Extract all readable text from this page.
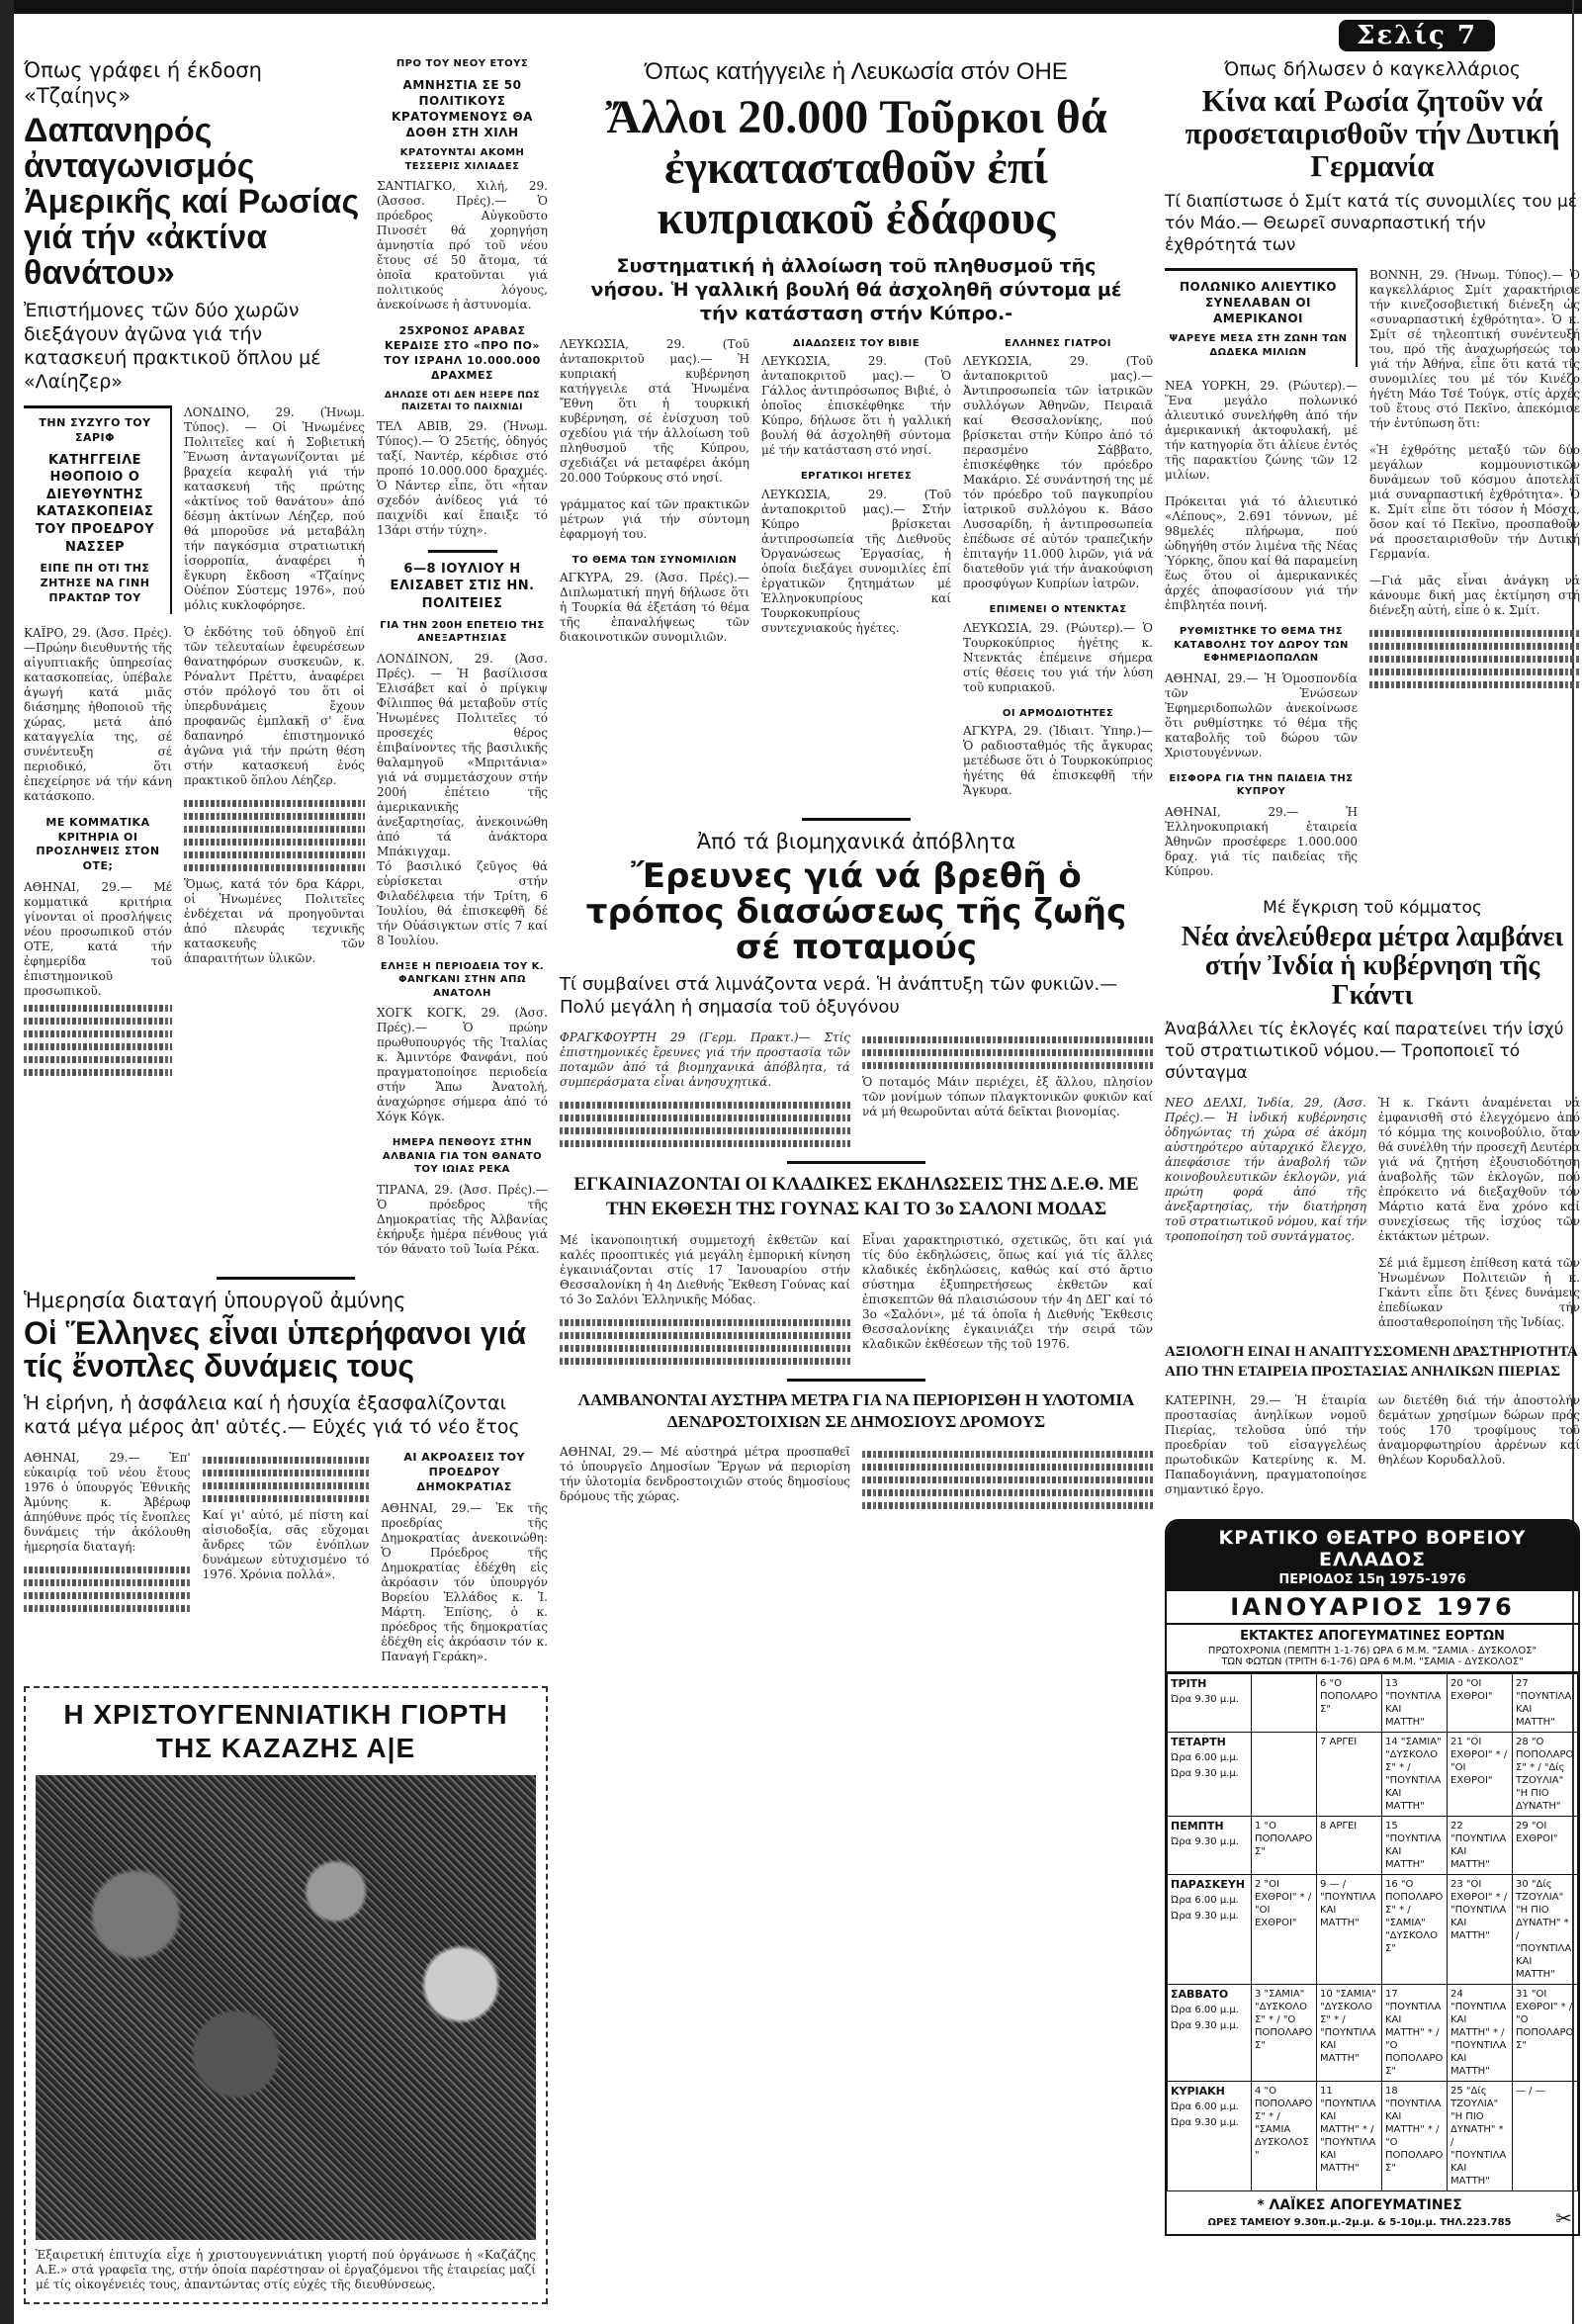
Σελίς 7
Όπως γράφει ή έκδοση «Τζαίηνς»
Δαπανηρός ἀνταγωνισμός Ἀμερικῆς καί Ρωσίας γιά τήν «ἀκτίνα θανάτου»
Ἐπιστήμονες τῶν δύο χωρῶν διεξάγουν ἀγῶνα γιά τήν κατασκευή πρακτικοῦ ὅπλου μέ «Λαίηζερ»
ΤΗΝ ΣΥΖΥΓΟ ΤΟΥ ΣΑΡΙΦ
ΚΑΤΗΓΓΕΙΛΕ ΗΘΟΠΟΙΟ Ο ΔΙΕΥΘΥΝΤΗΣ ΚΑΤΑΣΚΟΠΕΙΑΣ ΤΟΥ ΠΡΟΕΔΡΟΥ ΝΑΣΣΕΡ
ΕΙΠΕ ΠΗ ΟΤΙ ΤΗΣ ΖΗΤΗΣΕ ΝΑ ΓΙΝΗ ΠΡΑΚΤΩΡ ΤΟΥ
ΚΑΪΡΟ, 29. (Ἀσσ. Πρές). —Πρώην διευθυντής τῆς αἰγυπτιακῆς ὑπηρεσίας κατασκοπείας, ὑπέβαλε ἀγωγή κατά μιᾶς διάσημης ἠθοποιοῦ τῆς χώρας, μετά ἀπό καταγγελία της, σέ συνέντευξη σέ περιοδικό, ὅτι ἐπεχείρησε νά τήν κάνη κατάσκοπο.
ΜΕ ΚΟΜΜΑΤΙΚΑ ΚΡΙΤΗΡΙΑ ΟΙ ΠΡΟΣΛΗΨΕΙΣ ΣΤΟΝ ΟΤΕ;
ΑΘΗΝΑΙ, 29.— Μέ κομματικά κριτήρια γίνονται οἱ προσλήψεις νέου προσωπικοῦ στόν ΟΤΕ, κατά τήν ἐφημερίδα τοῦ ἐπιστημονικοῦ προσωπικοῦ.
ΛΟΝΔΙΝΟ, 29. (Ἡνωμ. Τύπος). — Οἱ Ἡνωμένες Πολιτεῖες καί ἡ Σοβιετική Ἕνωση ἀνταγωνίζονται μέ βραχεία κεφαλή γιά τήν κατασκευή τῆς πρώτης «ἀκτίνος τοῦ θανάτου» ἀπό δέσμη ἀκτίνων Λέηζερ, πού θά μποροῦσε νά μεταβάλη τήν παγκόσμια στρατιωτική ἰσορροπία, ἀναφέρει ἡ ἔγκυρη ἔκδοση «Τζαίηνς Οὐέπον Σύστεμς 1976», πού μόλις κυκλοφόρησε.
Ὁ ἐκδότης τοῦ ὁδηγοῦ ἐπί τῶν τελευταίων ἐφευρέσεων θανατηφόρων συσκευῶν, κ. Ρόναλντ Πρέττυ, ἀναφέρει στόν πρόλογό του ὅτι οἱ ὑπερδυνάμεις ἔχουν προφανῶς ἐμπλακῆ σ' ἕνα δαπανηρό ἐπιστημονικό ἀγῶνα γιά τήν πρώτη θέση στήν κατασκευή ἑνός πρακτικοῦ ὅπλου Λέηζερ.
Ὅμως, κατά τόν δρα Κάρρι, οἱ Ἡνωμένες Πολιτεῖες ἐνδέχεται νά προηγοῦνται ἀπό πλευράς τεχνικῆς κατασκευῆς τῶν ἀπαραιτήτων ὑλικῶν.
ΠΡΟ ΤΟΥ ΝΕΟΥ ΕΤΟΥΣ
ΑΜΝΗΣΤΙΑ ΣΕ 50 ΠΟΛΙΤΙΚΟΥΣ ΚΡΑΤΟΥΜΕΝΟΥΣ ΘΑ ΔΟΘΗ ΣΤΗ ΧΙΛΗ
ΚΡΑΤΟΥΝΤΑΙ ΑΚΟΜΗ ΤΕΣΣΕΡΙΣ ΧΙΛΙΑΔΕΣ
ΣΑΝΤΙΑΓΚΟ, Χιλή, 29. (Ἀσσοσ. Πρές).— Ὁ πρόεδρος Αὐγκοῦστο Πινοσέτ θά χορηγήση ἀμνηστία πρό τοῦ νέου ἔτους σέ 50 ἄτομα, τά ὁποῖα κρατοῦνται γιά πολιτικούς λόγους, ἀνεκοίνωσε ἡ ἀστυνομία.
25ΧΡΟΝΟΣ ΑΡΑΒΑΣ ΚΕΡΔΙΣΕ ΣΤΟ «ΠΡΟ ΠΟ» ΤΟΥ ΙΣΡΑΗΛ 10.000.000 ΔΡΑΧΜΕΣ
ΔΗΛΩΣΕ ΟΤΙ ΔΕΝ ΗΞΕΡΕ ΠΩΣ ΠΑΙΖΕΤΑΙ ΤΟ ΠΑΙΧΝΙΔΙ
ΤΕΛ ΑΒΙΒ, 29. (Ἡνωμ. Τύπος).— Ὁ 25ετής, ὁδηγός ταξί, Ναντέρ, κέρδισε στό προπό 10.000.000 δραχμές. Ὁ Νάντερ εἶπε, ὅτι «ἦταν σχεδόν ἀνίδεος γιά τό παιχνίδι καί ἔπαιξε τό 13άρι στήν τύχη».
6—8 ΙΟΥΛΙΟΥ Η ΕΛΙΣΑΒΕΤ ΣΤΙΣ ΗΝ. ΠΟΛΙΤΕΙΕΣ
ΓΙΑ ΤΗΝ 200Η ΕΠΕΤΕΙΟ ΤΗΣ ΑΝΕΞΑΡΤΗΣΙΑΣ
ΛΟΝΔΙΝΟΝ, 29. (Ἀσσ. Πρές). — Ἡ βασίλισσα Ἐλισάβετ καί ὁ πρίγκιψ Φίλιππος θά μεταβοῦν στίς Ἡνωμένες Πολιτεῖες τό προσεχές θέρος ἐπιβαίνοντες τῆς βασιλικῆς θαλαμηγοῦ «Μπριτάνια» γιά νά συμμετάσχουν στήν 200ή ἐπέτειο τῆς ἀμερικανικῆς ἀνεξαρτησίας, ἀνεκοινώθη ἀπό τά ἀνάκτορα Μπάκιγχαμ.
Τό βασιλικό ζεῦγος θά εὑρίσκεται στήν Φιλαδέλφεια τήν Τρίτη, 6 Ἰουλίου, θά ἐπισκεφθῆ δέ τήν Οὐάσιγκτων στίς 7 καί 8 Ἰουλίου.
ΕΛΗΞΕ Η ΠΕΡΙΟΔΕΙΑ ΤΟΥ Κ. ΦΑΝΓΚΑΝΙ ΣΤΗΝ ΑΠΩ ΑΝΑΤΟΛΗ
ΧΟΓΚ ΚΟΓΚ, 29. (Ἀσσ. Πρές).— Ὁ πρώην πρωθυπουργός τῆς Ἰταλίας κ. Ἀμιντόρε Φανφάνι, πού πραγματοποίησε περιοδεία στήν Ἄπω Ἀνατολή, ἀναχώρησε σήμερα ἀπό τό Χόγκ Κόγκ.
ΗΜΕΡΑ ΠΕΝΘΟΥΣ ΣΤΗΝ ΑΛΒΑΝΙΑ ΓΙΑ ΤΟΝ ΘΑΝΑΤΟ ΤΟΥ ΙΩΙΑΣ ΡΕΚΑ
ΤΙΡΑΝΑ, 29. (Ἀσσ. Πρές).— Ὁ πρόεδρος τῆς Δημοκρατίας τῆς Ἀλβανίας ἐκήρυξε ἡμέρα πένθους γιά τόν θάνατο τοῦ Ἰωία Ρέκα.
Ἡμερησία διαταγή ὑπουργοῦ ἀμύνης
Οἱ Ἕλληνες εἶναι ὑπερήφανοι γιά τίς ἔνοπλες δυνάμεις τους
Ἡ εἰρήνη, ἡ ἀσφάλεια καί ἡ ἡσυχία ἐξασφαλίζονται κατά μέγα μέρος ἀπ' αὐτές.— Εὐχές γιά τό νέο ἔτος
ΑΘΗΝΑΙ, 29.— Ἐπ' εὐκαιρίᾳ τοῦ νέου ἔτους 1976 ὁ ὑπουργός Ἐθνικῆς Ἀμύνης κ. Ἀβέρωφ ἀπηύθυνε πρός τίς ἔνοπλες δυνάμεις τήν ἀκόλουθη ἡμερησία διαταγή:
Καί γι' αὐτό, μέ πίστη καί αἰσιοδοξία, σᾶς εὔχομαι ἄνδρες τῶν ἐνόπλων δυνάμεων εὐτυχισμένο τό 1976. Χρόνια πολλά».
ΑΙ ΑΚΡΟΑΣΕΙΣ ΤΟΥ ΠΡΟΕΔΡΟΥ ΔΗΜΟΚΡΑΤΙΑΣ
ΑΘΗΝΑΙ, 29.— Ἐκ τῆς προεδρίας τῆς Δημοκρατίας ἀνεκοινώθη: Ὁ Πρόεδρος τῆς Δημοκρατίας ἐδέχθη εἰς ἀκρόασιν τόν ὑπουργόν Βορείου Ἑλλάδος κ. Ἰ. Μάρτη. Ἐπίσης, ὁ κ. πρόεδρος τῆς δημοκρατίας ἐδέχθη εἰς ἀκρόασιν τόν κ. Παναγή Γεράκη».
Η ΧΡΙΣΤΟΥΓΕΝΝΙΑΤΙΚΗ ΓΙΟΡΤΗ ΤΗΣ ΚΑΖΑΖΗΣ Α|Ε
Ἐξαιρετική ἐπιτυχία εἶχε ἡ χριστουγεννιάτικη γιορτή πού ὀργάνωσε ἡ «Καζάζης Α.Ε.» στά γραφεῖα της, στήν ὁποία παρέστησαν οἱ ἐργαζόμενοι τῆς ἑταιρείας μαζί μέ τίς οἰκογένειές τους, ἀπαντώντας στίς εὐχές τῆς διευθύνσεως.
Όπως κατήγγειλε ἡ Λευκωσία στόν ΟΗΕ
Ἄλλοι 20.000 Τοῦρκοι θά ἐγκατασταθοῦν ἐπί κυπριακοῦ ἐδάφους
Συστηματική ἡ ἀλλοίωση τοῦ πληθυσμοῦ τῆς νήσου. Ἡ γαλλική βουλή θά ἀσχοληθῆ σύντομα μέ τήν κατάσταση στήν Κύπρο.-
ΛΕΥΚΩΣΙΑ, 29. (Τοῦ ἀνταποκριτοῦ μας).— Ἡ κυπριακή κυβέρνηση κατήγγειλε στά Ἡνωμένα Ἔθνη ὅτι ἡ τουρκική κυβέρνηση, σέ ἐνίσχυση τοῦ σχεδίου γιά τήν ἀλλοίωση τοῦ πληθυσμοῦ τῆς Κύπρου, σχεδιάζει νά μεταφέρει ἀκόμη 20.000 Τούρκους στό νησί.
γράμματος καί τῶν πρακτικῶν μέτρων γιά τήν σύντομη ἐφαρμογή του.
ΤΟ ΘΕΜΑ ΤΩΝ ΣΥΝΟΜΙΛΙΩΝ
ΑΓΚΥΡΑ, 29. (Ἀσσ. Πρές).— Διπλωματική πηγή δήλωσε ὅτι ἡ Τουρκία θά ἐξετάση τό θέμα τῆς ἐπαναλήψεως τῶν διακοινοτικῶν συνομιλιῶν.
ΔΙΑΔΩΣΕΙΣ ΤΟΥ ΒΙΒΙΕ
ΛΕΥΚΩΣΙΑ, 29. (Τοῦ ἀνταποκριτοῦ μας).— Ὁ Γάλλος ἀντιπρόσωπος Βιβιέ, ὁ ὁποῖος ἐπισκέφθηκε τήν Κύπρο, δήλωσε ὅτι ἡ γαλλική βουλή θά ἀσχοληθῆ σύντομα μέ τήν κατάσταση στό νησί.
ΕΡΓΑΤΙΚΟΙ ΗΓΕΤΕΣ
ΛΕΥΚΩΣΙΑ, 29. (Τοῦ ἀνταποκριτοῦ μας).— Στήν Κύπρο βρίσκεται ἀντιπροσωπεία τῆς Διεθνοῦς Ὀργανώσεως Ἐργασίας, ἡ ὁποία διεξάγει συνομιλίες ἐπί ἐργατικῶν ζητημάτων μέ Ἑλληνοκυπρίους καί Τουρκοκυπρίους συντεχνιακούς ἡγέτες.
ΕΛΛΗΝΕΣ ΓΙΑΤΡΟΙ
ΛΕΥΚΩΣΙΑ, 29. (Τοῦ ἀνταποκριτοῦ μας).— Ἀντιπροσωπεία τῶν ἰατρικῶν συλλόγων Ἀθηνῶν, Πειραιᾶ καί Θεσσαλονίκης, πού βρίσκεται στήν Κύπρο ἀπό τό περασμένο Σάββατο, ἐπισκέφθηκε τόν πρόεδρο Μακάριο. Σέ συνάντησή της μέ τόν πρόεδρο τοῦ παγκυπρίου ἰατρικοῦ συλλόγου κ. Βάσο Λυσσαρίδη, ἡ ἀντιπροσωπεία ἐπέδωσε σέ αὐτόν τραπεζικήν ἐπιταγήν 11.000 λιρῶν, γιά νά διατεθοῦν γιά τήν ἀνακούφιση προσφύγων Κυπρίων ἰατρῶν.
ΕΠΙΜΕΝΕΙ Ο ΝΤΕΝΚΤΑΣ
ΛΕΥΚΩΣΙΑ, 29. (Ρώυτερ).— Ὁ Τουρκοκύπριος ἡγέτης κ. Ντενκτάς ἐπέμεινε σήμερα στίς θέσεις του γιά τήν λύση τοῦ κυπριακοῦ.
ΟΙ ΑΡΜΟΔΙΟΤΗΤΕΣ
ΑΓΚΥΡΑ, 29. (Ἰδιαιτ. Ὑπηρ.)— Ὁ ραδιοσταθμός τῆς ἄγκυρας μετέδωσε ὅτι ὁ Τουρκοκύπριος ἡγέτης θά ἐπισκεφθῆ τήν Ἄγκυρα.
Ἀπό τά βιομηχανικά ἀπόβλητα
Ἔρευνες γιά νά βρεθῆ ὁ τρόπος διασώσεως τῆς ζωῆς σέ ποταμούς
Τί συμβαίνει στά λιμνάζοντα νερά. Ἡ ἀνάπτυξη τῶν φυκιῶν.— Πολύ μεγάλη ἡ σημασία τοῦ ὀξυγόνου
ΦΡΑΓΚΦΟΥΡΤΗ 29 (Γερμ. Πρακτ.)— Στίς ἐπιστημονικές ἔρευνες γιά τήν προστασία τῶν ποταμῶν ἀπό τά βιομηχανικά ἀπόβλητα, τά συμπεράσματα εἶναι ἀνησυχητικά.	Ὁ ποταμός Μάιν περιέχει, ἐξ ἄλλου, πλησίον τῶν μονίμων τόπων πλαγκτονικῶν φυκιῶν καί νά μή θεωροῦνται αὐτά δεῖκται βιονομίας.
ΕΓΚΑΙΝΙΑΖΟΝΤΑΙ ΟΙ ΚΛΑΔΙΚΕΣ ΕΚΔΗΛΩΣΕΙΣ ΤΗΣ Δ.Ε.Θ. ΜΕ ΤΗΝ ΕΚΘΕΣΗ ΤΗΣ ΓΟΥΝΑΣ ΚΑΙ ΤΟ 3ο ΣΑΛΟΝΙ ΜΟΔΑΣ
Μέ ἱκανοποιητική συμμετοχή ἐκθετῶν καί καλές προοπτικές γιά μεγάλη ἐμπορική κίνηση ἐγκαινιάζονται στίς 17 Ἰανουαρίου στήν Θεσσαλονίκη ἡ 4η Διεθνής Ἔκθεση Γούνας καί τό 3ο Σαλόνι Ἑλληνικῆς Μόδας.
Εἶναι χαρακτηριστικό, σχετικῶς, ὅτι καί γιά τίς δύο ἐκδηλώσεις, ὅπως καί γιά τίς ἄλλες κλαδικές ἐκδηλώσεις, καθώς καί στό ἄρτιο σύστημα ἐξυπηρετήσεως ἐκθετῶν καί ἐπισκεπτῶν θά πλαισιώσουν τήν 4η ΔΕΓ καί τό 3ο «Σαλόνι», μέ τά ὁποῖα ἡ Διεθνής Ἔκθεσις Θεσσαλονίκης ἐγκαινιάζει τήν σειρά τῶν κλαδικῶν ἐκθέσεων τῆς τοῦ 1976.
ΛΑΜΒΑΝΟΝΤΑΙ ΑΥΣΤΗΡΑ ΜΕΤΡΑ ΓΙΑ ΝΑ ΠΕΡΙΟΡΙΣΘΗ Η ΥΛΟΤΟΜΙΑ ΔΕΝΔΡΟΣΤΟΙΧΙΩΝ ΣΕ ΔΗΜΟΣΙΟΥΣ ΔΡΟΜΟΥΣ
ΑΘΗΝΑΙ, 29.— Μέ αὐστηρά μέτρα προσπαθεῖ τό ὑπουργεῖο Δημοσίων Ἔργων νά περιορίση τήν ὑλοτομία δενδροστοιχιῶν στούς δημοσίους δρόμους τῆς χώρας.
Όπως δήλωσεν ὁ καγκελλάριος
Κίνα καί Ρωσία ζητοῦν νά προσεταιρισθοῦν τήν Δυτική Γερμανία
Τί διαπίστωσε ὁ Σμίτ κατά τίς συνομιλίες του μέ τόν Μάο.— Θεωρεῖ συναρπαστική τήν ἐχθρότητά των
ΠΟΛΩΝΙΚΟ ΑΛΙΕΥΤΙΚΟ ΣΥΝΕΛΑΒΑΝ ΟΙ ΑΜΕΡΙΚΑΝΟΙ
ΨΑΡΕΥΕ ΜΕΣΑ ΣΤΗ ΖΩΝΗ ΤΩΝ ΔΩΔΕΚΑ ΜΙΛΙΩΝ
ΝΕΑ ΥΟΡΚΗ, 29. (Ρώυτερ).— Ἕνα μεγάλο πολωνικό ἁλιευτικό συνελήφθη ἀπό τήν ἀμερικανική ἀκτοφυλακή, μέ τήν κατηγορία ὅτι ἁλίευε ἐντός τῆς παρακτίου ζώνης τῶν 12 μιλίων.
Πρόκειται γιά τό ἁλιευτικό «Λέπους», 2.691 τόννων, μέ 98μελές πλήρωμα, πού ὡδηγήθη στόν λιμένα τῆς Νέας Ὑόρκης, ὅπου καί θά παραμείνη ἕως ὅτου οἱ ἀμερικανικές ἀρχές ἀποφασίσουν γιά τήν ἐπιβλητέα ποινή.
ΡΥΘΜΙΣΤΗΚΕ ΤΟ ΘΕΜΑ ΤΗΣ ΚΑΤΑΒΟΛΗΣ ΤΟΥ ΔΩΡΟΥ ΤΩΝ ΕΦΗΜΕΡΙΔΟΠΩΛΩΝ
ΑΘΗΝΑΙ, 29.— Ἡ Ὁμοσπονδία τῶν Ἑνώσεων Ἐφημεριδοπωλῶν ἀνεκοίνωσε ὅτι ρυθμίστηκε τό θέμα τῆς καταβολῆς τοῦ δώρου τῶν Χριστουγέννων.
ΕΙΣΦΟΡΑ ΓΙΑ ΤΗΝ ΠΑΙΔΕΙΑ ΤΗΣ ΚΥΠΡΟΥ
ΑΘΗΝΑΙ, 29.— Ἡ Ἐλληνοκυπριακή ἑταιρεία Ἀθηνῶν προσέφερε 1.000.000 δραχ. γιά τίς παιδείας τῆς Κύπρου.
ΒΟΝΝΗ, 29. (Ἡνωμ. Τύπος).— Ὁ καγκελλάριος Σμίτ χαρακτήρισε τήν κινεζοσοβιετική διένεξη ὡς «συναρπαστική ἐχθρότητα». Ὁ κ. Σμίτ σέ τηλεοπτική συνέντευξή του, πρό τῆς ἀναχωρήσεώς του γιά τήν Ἀθήνα, εἶπε ὅτι κατά τίς συνομιλίες του μέ τόν Κινέζο ἡγέτη Μάο Τσέ Τούγκ, στίς ἀρχές τοῦ ἔτους στό Πεκῖνο, ἀπεκόμισε τήν ἐντύπωση ὅτι:
«Ἡ ἐχθρότης μεταξύ τῶν δύο μεγάλων κομμουνιστικῶν δυνάμεων τοῦ κόσμου ἀποτελεῖ μιά συναρπαστική ἐχθρότητα». Ὁ κ. Σμίτ εἶπε ὅτι τόσον ἡ Μόσχα, ὅσον καί τό Πεκῖνο, προσπαθοῦν νά προσεταιρισθοῦν τήν Δυτική Γερμανία.
—Γιά μᾶς εἶναι ἀνάγκη νά κάνουμε δική μας ἐκτίμηση στή διένεξη αὐτή, εἶπε ὁ κ. Σμίτ.
Μέ ἔγκριση τοῦ κόμματος
Νέα ἀνελεύθερα μέτρα λαμβάνει στήν Ἰνδία ἡ κυβέρνηση τῆς Γκάντι
Ἀναβάλλει τίς ἐκλογές καί παρατείνει τήν ἰσχύ τοῦ στρατιωτικοῦ νόμου.— Τροποποιεῖ τό σύνταγμα
ΝΕΟ ΔΕΛΧΙ, Ἰνδία, 29, (Ἀσσ. Πρές).— Ἡ ἰνδική κυβέρνησις ὁδηγώντας τή χώρα σέ ἀκόμη αὐστηρότερο αὐταρχικό ἔλεγχο, ἀπεφάσισε τήν ἀναβολή τῶν κοινοβουλευτικῶν ἐκλογῶν, γιά πρώτη φορά ἀπό τῆς ἀνεξαρτησίας, τήν διατήρηση τοῦ στρατιωτικοῦ νόμου, καί τήν τροποποίηση τοῦ συντάγματος.
Ἡ κ. Γκάντι ἀναμένεται νά ἐμφανισθῆ στό ἐλεγχόμενο ἀπό τό κόμμα της κοινοβούλιο, ὅταν θά συνέλθη τήν προσεχῆ Δευτέρα γιά νά ζητήση ἐξουσιοδότηση ἀναβολῆς τῶν ἐκλογῶν, πού ἐπρόκειτο νά διεξαχθοῦν τόν Μάρτιο κατά ἕνα χρόνο καί συνεχίσεως τῆς ἰσχύος τῶν ἐκτάκτων μέτρων.
Σέ μιά ἔμμεση ἐπίθεση κατά τῶν Ἡνωμένων Πολιτειῶν ἡ κ. Γκάντι εἶπε ὅτι ξένες δυνάμεις ἐπεδίωκαν τήν ἀποσταθεροποίηση τῆς Ἰνδίας.
ΑΞΙΟΛΟΓΗ ΕΙΝΑΙ Η ΑΝΑΠΤΥΣΣΟΜΕΝΗ ΔΡΑΣΤΗΡΙΟΤΗΤΑ ΑΠΟ ΤΗΝ ΕΤΑΙΡΕΙΑ ΠΡΟΣΤΑΣΙΑΣ ΑΝΗΛΙΚΩΝ ΠΙΕΡΙΑΣ
ΚΑΤΕΡΙΝΗ, 29.— Ἡ ἑταιρία προστασίας ἀνηλίκων νομοῦ Πιερίας, τελοῦσα ὑπό τήν προεδρίαν τοῦ εἰσαγγελέως πρωτοδικῶν Κατερίνης κ. Μ. Παπαδογιάννη, πραγματοποίησε σημαντικό ἔργο.
ων διετέθη διά τήν ἀποστολήν δεμάτων χρησίμων δώρων πρός τούς 170 τροφίμους τοῦ ἀναμορφωτηρίου ἀρρένων καί θηλέων Κορυδαλλοῦ.
ΚΡΑΤΙΚΟ ΘΕΑΤΡΟ ΒΟΡΕΙΟΥ ΕΛΛΑΔΟΣ
ΠΕΡΙΟΔΟΣ 15η 1975-1976
ΙΑΝΟΥΑΡΙΟΣ 1976
ΕΚΤΑΚΤΕΣ ΑΠΟΓΕΥΜΑΤΙΝΕΣ ΕΟΡΤΩΝ
ΠΡΩΤΟΧΡΟΝΙΑ (ΠΕΜΠΤΗ 1-1-76) ΩΡΑ 6 Μ.Μ. "ΣΑΜΙΑ - ΔΥΣΚΟΛΟΣ"
ΤΩΝ ΦΩΤΩΝ (ΤΡΙΤΗ 6-1-76) ΩΡΑ 6 Μ.Μ. "ΣΑΜΙΑ - ΔΥΣΚΟΛΟΣ"
ΤΡΙΤΗ
Ώρα 9.30 μ.μ.		6 "Ο ΠΟΠΟΛΑΡΟΣ"	13 "ΠΟΥΝΤΙΛΑ ΚΑΙ ΜΑΤΤΗ"	20 "ΟΙ ΕΧΘΡΟΙ"	27 "ΠΟΥΝΤΙΛΑ ΚΑΙ ΜΑΤΤΗ"

ΤΕΤΑΡΤΗ
Ώρα 6.00 μ.μ.
Ώρα 9.30 μ.μ.		7 ΑΡΓΕΙ	14 "ΣΑΜΙΑ" "ΔΥΣΚΟΛΟΣ" * / "ΠΟΥΝΤΙΛΑ ΚΑΙ ΜΑΤΤΗ"	21 "ΟΙ ΕΧΘΡΟΙ" * / "ΟΙ ΕΧΘΡΟΙ"	28 "Ο ΠΟΠΟΛΑΡΟΣ" * / "Δίς ΤΖΟΥΛΙΑ" "Η ΠΙΟ ΔΥΝΑΤΗ"

ΠΕΜΠΤΗ
Ώρα 9.30 μ.μ.	1 "Ο ΠΟΠΟΛΑΡΟΣ"	8 ΑΡΓΕΙ	15 "ΠΟΥΝΤΙΛΑ ΚΑΙ ΜΑΤΤΗ"	22 "ΠΟΥΝΤΙΛΑ ΚΑΙ ΜΑΤΤΗ"	29 "ΟΙ ΕΧΘΡΟΙ"

ΠΑΡΑΣΚΕΥΗ
Ώρα 6.00 μ.μ.
Ώρα 9.30 μ.μ.	2 "ΟΙ ΕΧΘΡΟΙ" * / "ΟΙ ΕΧΘΡΟΙ"	9 — / "ΠΟΥΝΤΙΛΑ ΚΑΙ ΜΑΤΤΗ"	16 "Ο ΠΟΠΟΛΑΡΟΣ" * / "ΣΑΜΙΑ" "ΔΥΣΚΟΛΟΣ"	23 "ΟΙ ΕΧΘΡΟΙ" * / "ΠΟΥΝΤΙΛΑ ΚΑΙ ΜΑΤΤΗ"	30 "Δίς ΤΖΟΥΛΙΑ" "Η ΠΙΟ ΔΥΝΑΤΗ" * / "ΠΟΥΝΤΙΛΑ ΚΑΙ ΜΑΤΤΗ"

ΣΑΒΒΑΤΟ
Ώρα 6.00 μ.μ.
Ώρα 9.30 μ.μ.	3 "ΣΑΜΙΑ" "ΔΥΣΚΟΛΟΣ" * / "Ο ΠΟΠΟΛΑΡΟΣ"	10 "ΣΑΜΙΑ" "ΔΥΣΚΟΛΟΣ" * / "ΠΟΥΝΤΙΛΑ ΚΑΙ ΜΑΤΤΗ"	17 "ΠΟΥΝΤΙΛΑ ΚΑΙ ΜΑΤΤΗ" * / "Ο ΠΟΠΟΛΑΡΟΣ"	24 "ΠΟΥΝΤΙΛΑ ΚΑΙ ΜΑΤΤΗ" * / "ΠΟΥΝΤΙΛΑ ΚΑΙ ΜΑΤΤΗ"	31 "ΟΙ ΕΧΘΡΟΙ" * / "Ο ΠΟΠΟΛΑΡΟΣ"

ΚΥΡΙΑΚΗ
Ώρα 6.00 μ.μ.
Ώρα 9.30 μ.μ.	4 "Ο ΠΟΠΟΛΑΡΟΣ" * / "ΣΑΜΙΑ ΔΥΣΚΟΛΟΣ"	11 "ΠΟΥΝΤΙΛΑ ΚΑΙ ΜΑΤΤΗ" * / "ΠΟΥΝΤΙΛΑ ΚΑΙ ΜΑΤΤΗ"	18 "ΠΟΥΝΤΙΛΑ ΚΑΙ ΜΑΤΤΗ" * / "Ο ΠΟΠΟΛΑΡΟΣ"	25 "Δίς ΤΖΟΥΛΙΑ" "Η ΠΙΟ ΔΥΝΑΤΗ" * / "ΠΟΥΝΤΙΛΑ ΚΑΙ ΜΑΤΤΗ"	— / —
* ΛΑΪΚΕΣ ΑΠΟΓΕΥΜΑΤΙΝΕΣ
ΩΡΕΣ ΤΑΜΕΙΟΥ 9.30π.μ.-2μ.μ. & 5-10μ.μ. ΤΗΛ.223.785	✂
